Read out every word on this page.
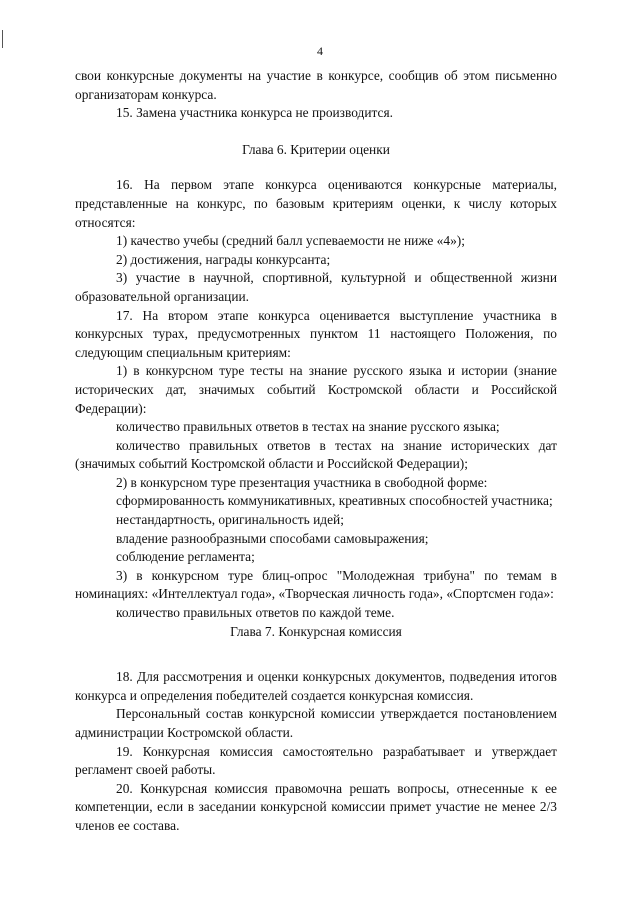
4

свои конкурсные документы на участие в конкурсе, сообщив об этом письменно организаторам конкурса.

15. Замена участника конкурса не производится.

Глава 6. Критерии оценки

16. На первом этапе конкурса оцениваются конкурсные материалы, представленные на конкурс, по базовым критериям оценки, к числу которых относятся:

1) качество учебы (средний балл успеваемости не ниже «4»);

2) достижения, награды конкурсанта;

3) участие в научной, спортивной, культурной и общественной жизни образовательной организации.

17. На втором этапе конкурса оценивается выступление участника в конкурсных турах, предусмотренных пунктом 11 настоящего Положения, по следующим специальным критериям:

1) в конкурсном туре тесты на знание русского языка и истории (знание исторических дат, значимых событий Костромской области и Российской Федерации):

количество правильных ответов в тестах на знание русского языка;

количество правильных ответов в тестах на знание исторических дат (значимых событий Костромской области и Российской Федерации);

2) в конкурсном туре презентация участника в свободной форме:

сформированность коммуникативных, креативных способностей участника;

нестандартность, оригинальность идей;

владение разнообразными способами самовыражения;

соблюдение регламента;

3) в конкурсном туре блиц-опрос "Молодежная трибуна" по темам в номинациях: «Интеллектуал года», «Творческая личность года», «Спортсмен года»:

количество правильных ответов по каждой теме.

Глава 7. Конкурсная комиссия

18. Для рассмотрения и оценки конкурсных документов, подведения итогов конкурса и определения победителей создается конкурсная комиссия.

Персональный состав конкурсной комиссии утверждается постановлением администрации Костромской области.

19. Конкурсная комиссия самостоятельно разрабатывает и утверждает регламент своей работы.

20. Конкурсная комиссия правомочна решать вопросы, отнесенные к ее компетенции, если в заседании конкурсной комиссии примет участие не менее 2/3 членов ее состава.
